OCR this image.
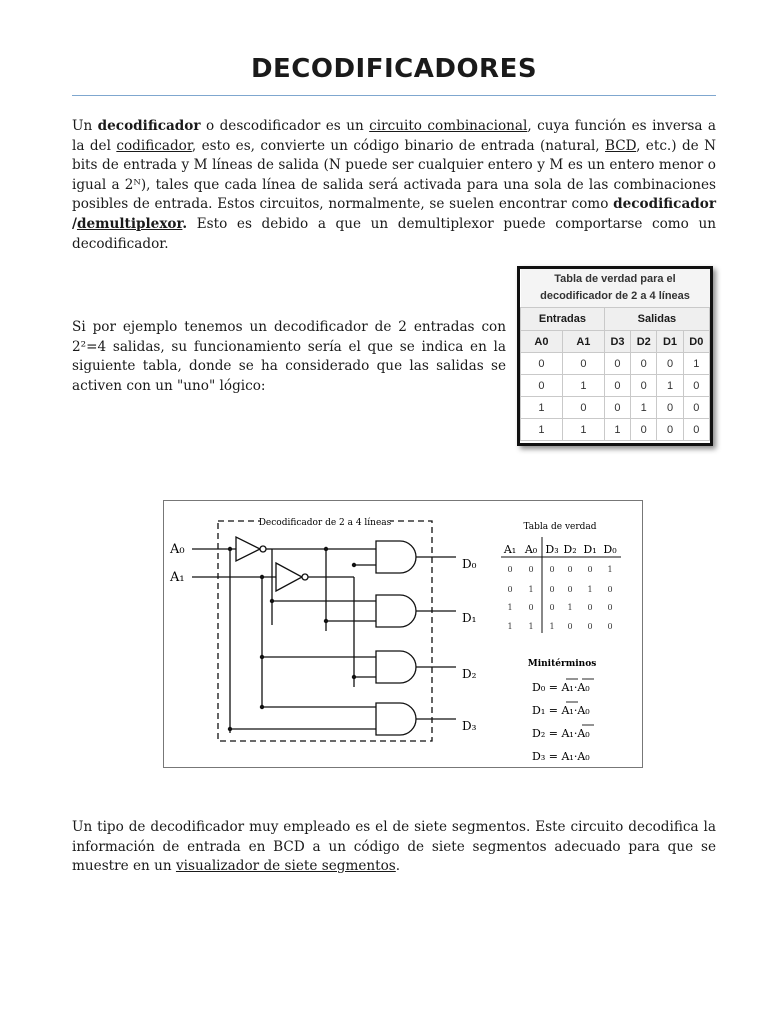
DECODIFICADORES

Un decodificador o descodificador es un circuito combinacional, cuya función es inversa a la del codificador, esto es, convierte un código binario de entrada (natural, BCD, etc.) de N bits de entrada y M líneas de salida (N puede ser cualquier entero y M es un entero menor o igual a 2ᴺ), tales que cada línea de salida será activada para una sola de las combinaciones posibles de entrada. Estos circuitos, normalmente, se suelen encontrar como decodificador /demultiplexor. Esto es debido a que un demultiplexor puede comportarse como un decodificador.

Si por ejemplo tenemos un decodificador de 2 entradas con 2²=4 salidas, su funcionamiento sería el que se indica en la siguiente tabla, donde se ha considerado que las salidas se activen con un "uno" lógico:

Tabla de verdad para el decodificador de 2 a 4 líneas					
Entradas		Salidas			
A0	A1	D3	D2	D1	D0
0	0	0	0	0	1
0	1	0	0	1	0
1	0	0	1	0	0
1	1	1	0	0	0
Decodificador de 2 a 4 líneas
A₀
A₁
D₀
D₁
D₂
D₃
Tabla de verdad
A₁ A₀ D₃ D₂ D₁ D₀
0 0 0 0 0 1
0 1 0 0 1 0
1 0 0 1 0 0
1 1 1 0 0 0
Minitérminos
D₀ = A₁·A₀
D₁ = A₁·A₀
D₂ = A₁·A₀
D₃ = A₁·A₀

Un tipo de decodificador muy empleado es el de siete segmentos. Este circuito decodifica la información de entrada en BCD a un código de siete segmentos adecuado para que se muestre en un visualizador de siete segmentos.
